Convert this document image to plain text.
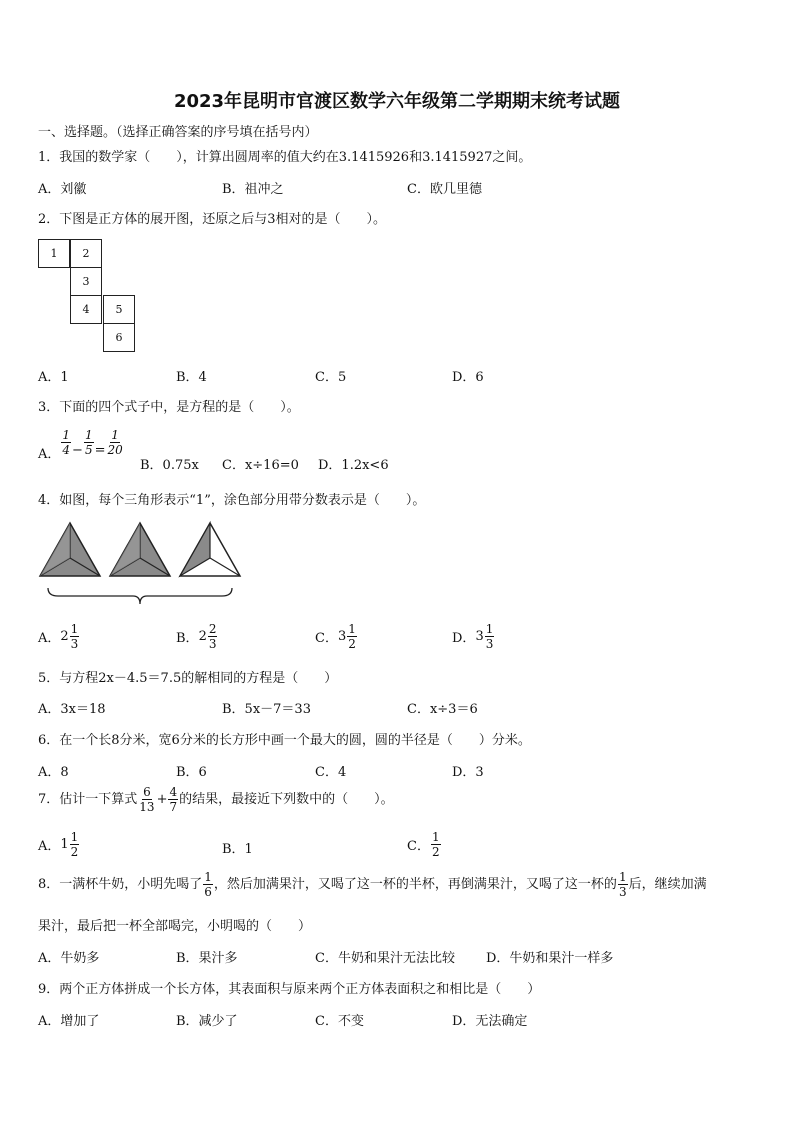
2023年昆明市官渡区数学六年级第二学期期末统考试题
一、选择题。（选择正确答案的序号填在括号内）
1．我国的数学家（　　），计算出圆周率的值大约在3.1415926和3.1415927之间。
A．刘徽	B．祖冲之	C．欧几里德
2．下图是正方体的展开图，还原之后与3相对的是（　　）。
1	2
3
4	5
6
A．1	B．4	C．5	D．6
3．下面的四个式子中，是方程的是（　　）。
A． $\frac{1}{4} - \frac{1}{5} = \frac{1}{20}$
B．0.75x C．x÷16=0 D．1.2x<6
4．如图，每个三角形表示“1”，涂色部分用带分数表示是（　　）。
A． $2 \frac{1}{3}$	B． $2 \frac{2}{3}$	C． $3 \frac{1}{2}$	D． $3 \frac{1}{3}$
5．与方程2x－4.5＝7.5的解相同的方程是（　　）
A．3x＝18	B．5x－7＝33	C．x÷3＝6
6．在一个长8分米，宽6分米的长方形中画一个最大的圆，圆的半径是（　　）分米。
A．8	B．6	C．4	D．3
7．估计一下算式 $\frac{6}{13} + \frac{4}{7}$ 的结果，最接近下列数中的（　　）。
A． $1 \frac{1}{2}$	B．1	C． $\frac{1}{2}$
8．一满杯牛奶，小明先喝了 $\frac{1}{6}$ ，然后加满果汁，又喝了这一杯的半杯，再倒满果汁，又喝了这一杯的 $\frac{1}{3}$ 后，继续加满
果汁，最后把一杯全部喝完，小明喝的（　　）
A．牛奶多	B．果汁多	C．牛奶和果汁无法比较 D．牛奶和果汁一样多
9．两个正方体拼成一个长方体，其表面积与原来两个正方体表面积之和相比是（　　）
A．增加了	B．减少了	C．不变	D．无法确定
